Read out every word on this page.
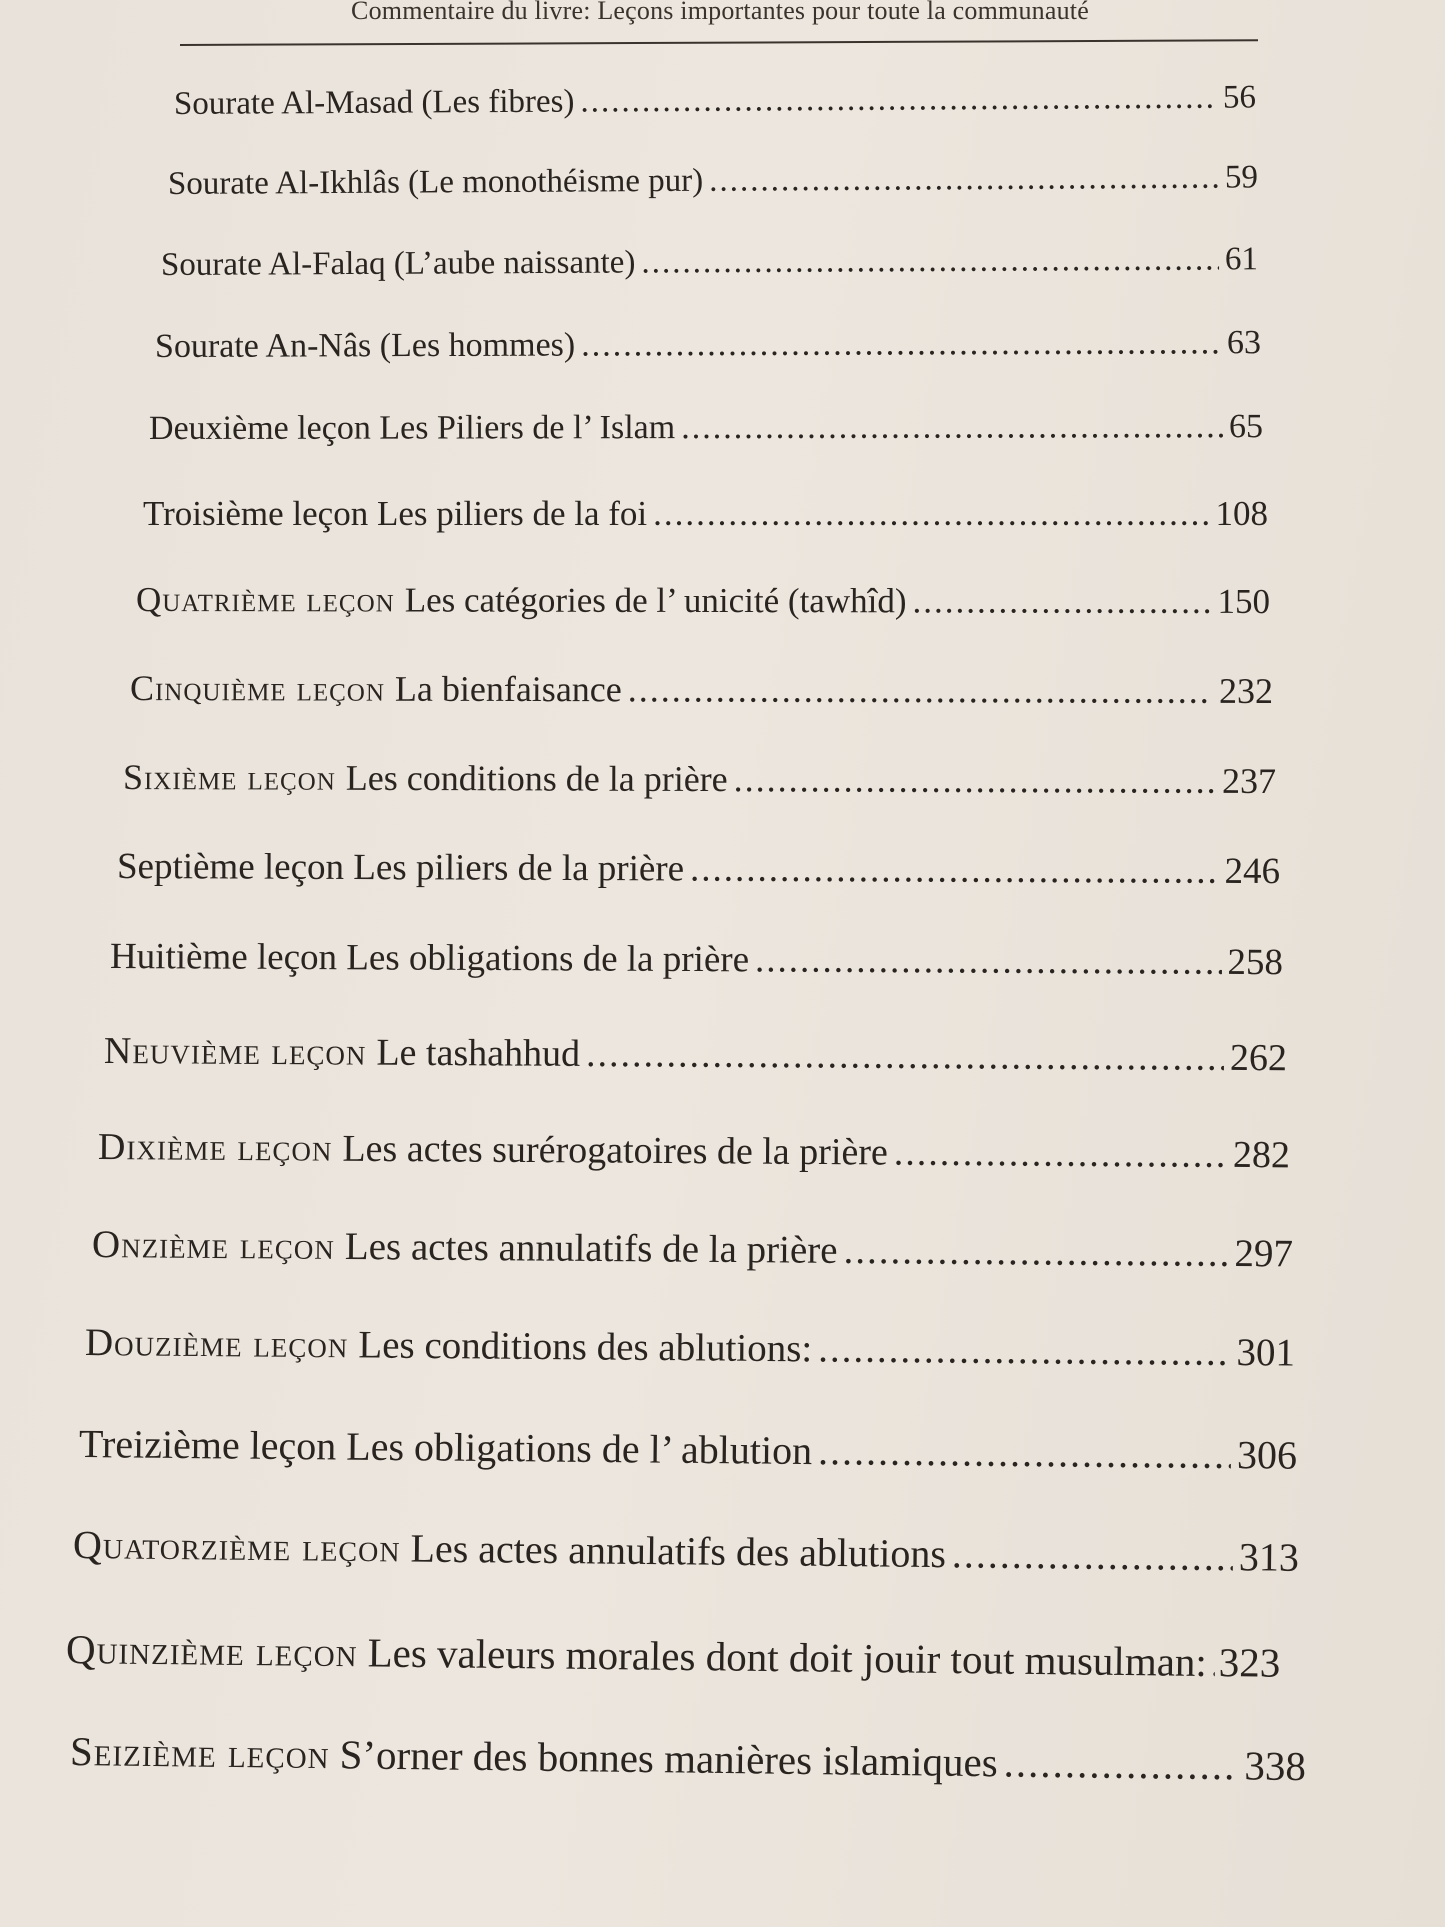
Commentaire du livre: Leçons importantes pour toute la communauté
Sourate Al-Masad (Les fibres) .....	56
Sourate Al-Ikhlâs (Le monothéisme pur) .....	59
Sourate Al-Falaq (L’aube naissante) .....	61
Sourate An-Nâs (Les hommes) .....	63
Deuxième leçon Les Piliers de l’ Islam .....	65
Troisième leçon Les piliers de la foi .....	108
Quatrième leçon Les catégories de l’ unicité (tawhîd) .....	150
Cinquième leçon La bienfaisance .....	232
Sixième leçon Les conditions de la prière .....	237
Septième leçon Les piliers de la prière .....	246
Huitième leçon Les obligations de la prière .....	258
Neuvième leçon Le tashahhud .....	262
Dixième leçon Les actes surérogatoires de la prière .....	282
Onzième leçon Les actes annulatifs de la prière .....	297
Douzième leçon Les conditions des ablutions: .....	301
Treizième leçon Les obligations de l’ ablution .....	306
Quatorzième leçon Les actes annulatifs des ablutions .....	313
Quinzième leçon Les valeurs morales dont doit jouir tout musulman: ..... 323
Seizième leçon S’orner des bonnes manières islamiques .....	338
